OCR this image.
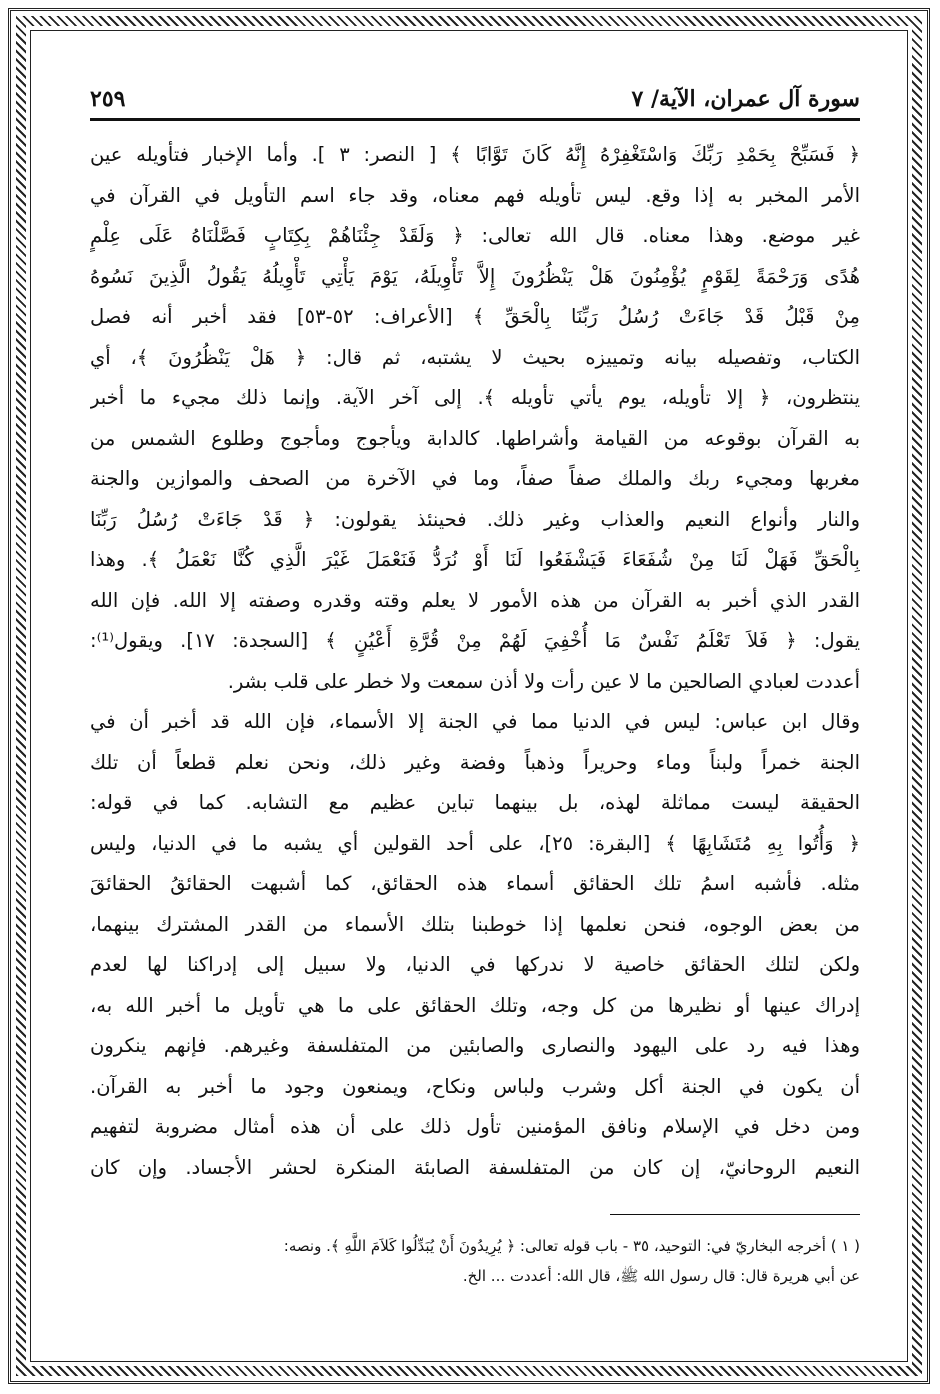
سورة آل عمران، الآية/ ٧
٢٥٩
﴿ فَسَبِّحْ بِحَمْدِ رَبِّكَ وَاسْتَغْفِرْهُ إِنَّهُ كَانَ تَوَّابًا ﴾ [ النصر: ٣ ]. وأما الإخبار فتأويله عين
الأمر المخبر به إذا وقع. ليس تأويله فهم معناه، وقد جاء اسم التأويل في القرآن في
غير موضع. وهذا معناه. قال الله تعالى: ﴿ وَلَقَدْ جِئْنَاهُمْ بِكِتَابٍ فَصَّلْنَاهُ عَلَى عِلْمٍ
هُدًى وَرَحْمَةً لِقَوْمٍ يُؤْمِنُونَ هَلْ يَنْظُرُونَ إِلاَّ تَأْوِيلَهُ، يَوْمَ يَأْتِي تَأْوِيلُهُ يَقُولُ الَّذِينَ نَسُوهُ
مِنْ قَبْلُ قَدْ جَاءَتْ رُسُلُ رَبِّنَا بِالْحَقِّ ﴾ [الأعراف: ٥٢-٥٣] فقد أخبر أنه فصل
الكتاب، وتفصيله بيانه وتمييزه بحيث لا يشتبه، ثم قال: ﴿ هَلْ يَنْظُرُونَ ﴾، أي
ينتظرون، ﴿ إلا تأويله، يوم يأتي تأويله ﴾. إلى آخر الآية. وإنما ذلك مجيء ما أخبر
به القرآن بوقوعه من القيامة وأشراطها. كالدابة ويأجوج ومأجوج وطلوع الشمس من
مغربها ومجيء ربك والملك صفاً صفاً، وما في الآخرة من الصحف والموازين والجنة
والنار وأنواع النعيم والعذاب وغير ذلك. فحينئذ يقولون: ﴿ قَدْ جَاءَتْ رُسُلُ رَبِّنَا
بِالْحَقِّ فَهَلْ لَنَا مِنْ شُفَعَاءَ فَيَشْفَعُوا لَنَا أَوْ نُرَدُّ فَنَعْمَلَ غَيْرَ الَّذِي كُنَّا نَعْمَلُ ﴾. وهذا
القدر الذي أخبر به القرآن من هذه الأمور لا يعلم وقته وقدره وصفته إلا الله. فإن الله
يقول: ﴿ فَلاَ تَعْلَمُ نَفْسٌ مَا أُخْفِيَ لَهُمْ مِنْ قُرَّةِ أَعْيُنٍ ﴾ [السجدة: ١٧]. ويقول⁽¹⁾:
أعددت لعبادي الصالحين ما لا عين رأت ولا أذن سمعت ولا خطر على قلب بشر.
وقال ابن عباس: ليس في الدنيا مما في الجنة إلا الأسماء، فإن الله قد أخبر أن في
الجنة خمراً ولبناً وماء وحريراً وذهباً وفضة وغير ذلك، ونحن نعلم قطعاً أن تلك
الحقيقة ليست مماثلة لهذه، بل بينهما تباين عظيم مع التشابه. كما في قوله:
﴿ وَأُتُوا بِهِ مُتَشَابِهًا ﴾ [البقرة: ٢٥]، على أحد القولين أي يشبه ما في الدنيا، وليس
مثله. فأشبه اسمُ تلك الحقائق أسماء هذه الحقائق، كما أشبهت الحقائقُ الحقائقَ
من بعض الوجوه، فنحن نعلمها إذا خوطبنا بتلك الأسماء من القدر المشترك بينهما،
ولكن لتلك الحقائق خاصية لا ندركها في الدنيا، ولا سبيل إلى إدراكنا لها لعدم
إدراك عينها أو نظيرها من كل وجه، وتلك الحقائق على ما هي تأويل ما أخبر الله به،
وهذا فيه رد على اليهود والنصارى والصابئين من المتفلسفة وغيرهم. فإنهم ينكرون
أن يكون في الجنة أكل وشرب ولباس ونكاح، ويمنعون وجود ما أخبر به القرآن.
ومن دخل في الإسلام ونافق المؤمنين تأول ذلك على أن هذه أمثال مضروبة لتفهيم
النعيم الروحانيّ، إن كان من المتفلسفة الصابئة المنكرة لحشر الأجساد. وإن كان
( ١ ) أخرجه البخاريّ في: التوحيد، ٣٥ - باب قوله تعالى: ﴿ يُرِيدُونَ أَنْ يُبَدِّلُوا كَلاَمَ اللَّهِ ﴾. ونصه:
عن أبي هريرة قال: قال رسول الله ﷺ، قال الله: أعددت ... الخ.
